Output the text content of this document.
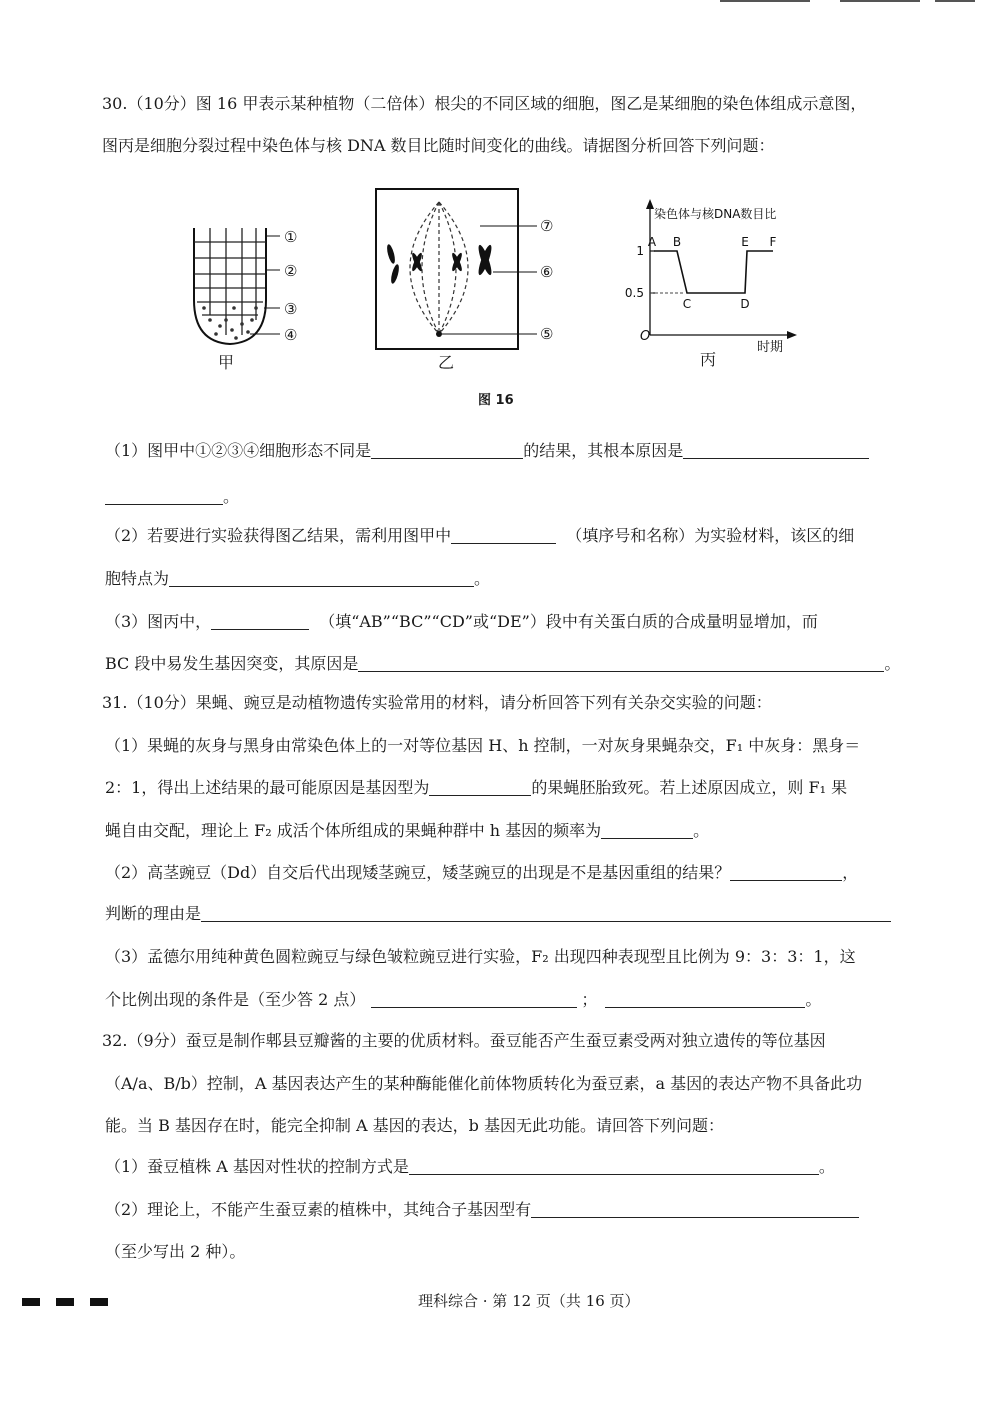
30.（10分）图 16 甲表示某种植物（二倍体）根尖的不同区域的细胞，图乙是某细胞的染色体组成示意图，
图丙是细胞分裂过程中染色体与核 DNA 数目比随时间变化的曲线。请据图分析回答下列问题：
①
②
③
④
甲
⑦
⑥
⑤
乙
染色体与核DNA数目比
时期
O
1
0.5
A B
C	D
E F
丙
图 16
（1）图甲中①②③④细胞形态不同是	的结果，其根本原因是
。
（2）若要进行实验获得图乙结果，需利用图甲中	（填序号和名称）为实验材料，该区的细
胞特点为	。
（3）图丙中，	（填“AB”“BC”“CD”或“DE”）段中有关蛋白质的合成量明显增加，而
BC 段中易发生基因突变，其原因是	。
31.（10分）果蝇、豌豆是动植物遗传实验常用的材料，请分析回答下列有关杂交实验的问题：
（1）果蝇的灰身与黑身由常染色体上的一对等位基因 H、h 控制，一对灰身果蝇杂交，F₁ 中灰身：黑身＝
2：1，得出上述结果的最可能原因是基因型为	的果蝇胚胎致死。若上述原因成立，则 F₁ 果
蝇自由交配，理论上 F₂ 成活个体所组成的果蝇种群中 h 基因的频率为	。
（2）高茎豌豆（Dd）自交后代出现矮茎豌豆，矮茎豌豆的出现是不是基因重组的结果？	，
判断的理由是
（3）孟德尔用纯种黄色圆粒豌豆与绿色皱粒豌豆进行实验，F₂ 出现四种表现型且比例为 9：3：3：1，这
个比例出现的条件是（至少答 2 点）	；	。
32.（9分）蚕豆是制作郫县豆瓣酱的主要的优质材料。蚕豆能否产生蚕豆素受两对独立遗传的等位基因
（A/a、B/b）控制，A 基因表达产生的某种酶能催化前体物质转化为蚕豆素，a 基因的表达产物不具备此功
能。当 B 基因存在时，能完全抑制 A 基因的表达，b 基因无此功能。请回答下列问题：
（1）蚕豆植株 A 基因对性状的控制方式是	。
（2）理论上，不能产生蚕豆素的植株中，其纯合子基因型有
（至少写出 2 种）。
理科综合 · 第 12 页（共 16 页）
